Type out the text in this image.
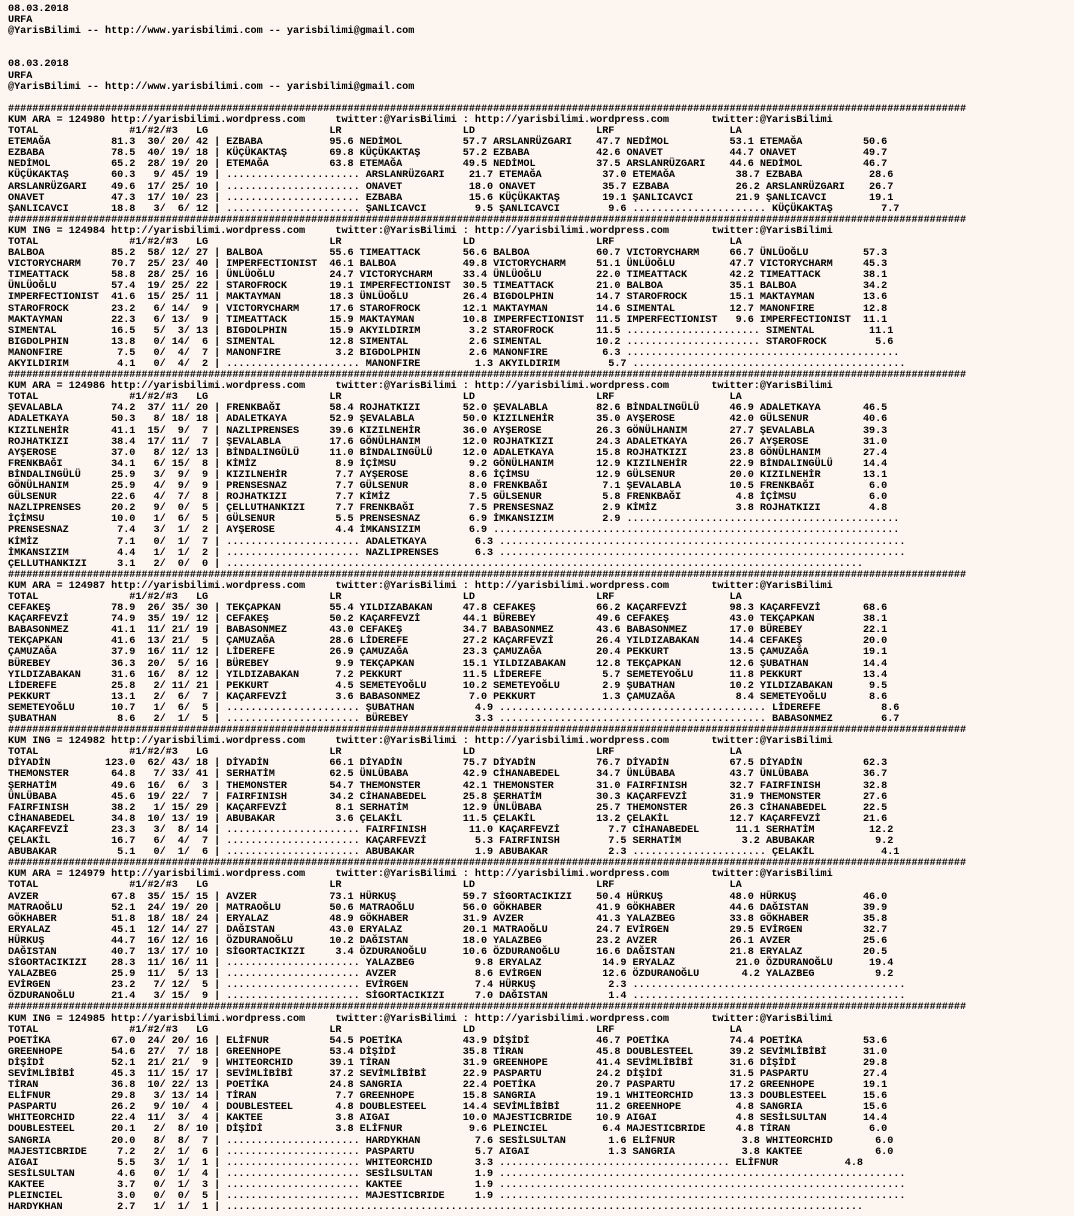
08.03.2018
URFA
@YarisBilimi -- http://www.yarisbilimi.com -- yarisbilimi@gmail.com

08.03.2018
URFA
@YarisBilimi -- http://www.yarisbilimi.com -- yarisbilimi@gmail.com

##############################################################################################################################################################
KUM ARA = 124980 http://yarisbilimi.wordpress.com     twitter:@YarisBilimi : http://yarisbilimi.wordpress.com       twitter:@YarisBilimi
TOTAL               #1/#2/#3   LG                    LR                    LD                    LRF                   LA
ETEMAĞA          81.3  30/ 20/ 42 | EZBABA           95.6 NEDİMOL          57.7 ARSLANRÜZGARI    47.7 NEDİMOL          53.1 ETEMAĞA          50.6
EZBABA           78.5  40/ 19/ 18 | KÜÇÜKAKTAŞ       69.8 KÜÇÜKAKTAŞ       57.2 EZBABA           42.6 ONAVET           44.7 ONAVET           49.7
NEDİMOL          65.2  28/ 19/ 20 | ETEMAĞA          63.8 ETEMAĞA          49.5 NEDİMOL          37.5 ARSLANRÜZGARI    44.6 NEDİMOL          46.7
KÜÇÜKAKTAŞ       60.3   9/ 45/ 19 | ...................... ARSLANRÜZGARI    21.7 ETEMAĞA          37.0 ETEMAĞA          38.7 EZBABA           28.6
ARSLANRÜZGARI    49.6  17/ 25/ 10 | ...................... ONAVET           18.0 ONAVET           35.7 EZBABA           26.2 ARSLANRÜZGARI    26.7
ONAVET           47.3  17/ 10/ 23 | ...................... EZBABA           15.6 KÜÇÜKAKTAŞ       19.1 ŞANLICAVCI       21.9 ŞANLICAVCI       19.1
ŞANLICAVCI       18.8   3/  6/ 12 | ...................... ŞANLICAVCI        9.5 ŞANLICAVCI        9.6 ...................... KÜÇÜKAKTAŞ        7.7
##############################################################################################################################################################
KUM ING = 124984 http://yarisbilimi.wordpress.com     twitter:@YarisBilimi : http://yarisbilimi.wordpress.com       twitter:@YarisBilimi
TOTAL               #1/#2/#3   LG                    LR                    LD                    LRF                   LA
BALBOA           85.2  58/ 12/ 27 | BALBOA           55.6 TIMEATTACK       56.6 BALBOA           60.7 VICTORYCHARM     66.7 ÜNLÜOĞLU         57.3
VICTORYCHARM     70.7  25/ 23/ 40 | IMPERFECTIONIST  46.1 BALBOA           49.8 VICTORYCHARM     51.1 ÜNLÜOĞLU         47.7 VICTORYCHARM     45.3
TIMEATTACK       58.8  28/ 25/ 16 | ÜNLÜOĞLU         24.7 VICTORYCHARM     33.4 ÜNLÜOĞLU         22.0 TIMEATTACK       42.2 TIMEATTACK       38.1
ÜNLÜOĞLU         57.4  19/ 25/ 22 | STAROFROCK       19.1 IMPERFECTIONIST  30.5 TIMEATTACK       21.0 BALBOA           35.1 BALBOA           34.2
IMPERFECTIONIST  41.6  15/ 25/ 11 | MAKTAYMAN        18.3 ÜNLÜOĞLU         26.4 BIGDOLPHIN       14.7 STAROFROCK       15.1 MAKTAYMAN        13.6
STAROFROCK       23.2   6/ 14/  9 | VICTORYCHARM     17.6 STAROFROCK       12.1 MAKTAYMAN        14.6 SIMENTAL         12.7 MANONFIRE        12.8
MAKTAYMAN        22.3   6/ 13/  9 | TIMEATTACK       15.9 MAKTAYMAN        10.8 IMPERFECTIONIST  11.5 IMPERFECTIONIST   9.6 IMPERFECTIONIST  11.1
SIMENTAL         16.5   5/  3/ 13 | BIGDOLPHIN       15.9 AKYILDIRIM        3.2 STAROFROCK       11.5 ...................... SIMENTAL         11.1
BIGDOLPHIN       13.8   0/ 14/  6 | SIMENTAL         12.8 SIMENTAL          2.6 SIMENTAL         10.2 ...................... STAROFROCK        5.6
MANONFIRE         7.5   0/  4/  7 | MANONFIRE         3.2 BIGDOLPHIN        2.6 MANONFIRE         6.3 .............................................
AKYILDIRIM        4.1   0/  4/  2 | ...................... MANONFIRE         1.3 AKYILDIRIM        5.7 .............................................
##############################################################################################################################################################
KUM ARA = 124986 http://yarisbilimi.wordpress.com     twitter:@YarisBilimi : http://yarisbilimi.wordpress.com       twitter:@YarisBilimi
TOTAL               #1/#2/#3   LG                    LR                    LD                    LRF                   LA
ŞEVALABLA        74.2  37/ 11/ 20 | FRENKBAĞI        58.4 ROJHATKIZI       52.0 ŞEVALABLA        82.6 BİNDALINGÜLÜ     46.9 ADALETKAYA       46.5
ADALETKAYA       50.3   8/ 18/ 18 | ADALETKAYA       52.9 ŞEVALABLA        50.0 KIZILNEHİR       35.0 AYŞEROSE         42.0 GÜLSENUR         40.6
KIZILNEHİR       41.1  15/  9/  7 | NAZLIPRENSES     39.6 KIZILNEHİR       36.0 AYŞEROSE         26.3 GÖNÜLHANIM       27.7 ŞEVALABLA        39.3
ROJHATKIZI       38.4  17/ 11/  7 | ŞEVALABLA        17.6 GÖNÜLHANIM       12.0 ROJHATKIZI       24.3 ADALETKAYA       26.7 AYŞEROSE         31.0
AYŞEROSE         37.0   8/ 12/ 13 | BİNDALINGÜLÜ     11.0 BİNDALINGÜLÜ     12.0 ADALETKAYA       15.8 ROJHATKIZI       23.8 GÖNÜLHANIM       27.4
FRENKBAĞI        34.1   6/ 15/  8 | KİMİZ             8.9 İÇİMSU            9.2 GÖNÜLHANIM       12.9 KIZILNEHİR       22.9 BİNDALINGÜLÜ     14.4
BİNDALINGÜLÜ     25.9   3/  9/  9 | KIZILNEHİR        7.7 AYŞEROSE          8.6 İÇİMSU           12.9 GÜLSENUR         20.0 KIZILNEHİR       13.1
GÖNÜLHANIM       25.9   4/  9/  9 | PRENSESNAZ        7.7 GÜLSENUR          8.0 FRENKBAĞI         7.1 ŞEVALABLA        10.5 FRENKBAĞI         6.0
GÜLSENUR         22.6   4/  7/  8 | ROJHATKIZI        7.7 KİMİZ             7.5 GÜLSENUR          5.8 FRENKBAĞI         4.8 İÇİMSU            6.0
NAZLIPRENSES     20.2   9/  0/  5 | ÇELLUTHANKIZI     7.7 FRENKBAĞI         7.5 PRENSESNAZ        2.9 KİMİZ             3.8 ROJHATKIZI        4.8
İÇİMSU           10.0   1/  6/  5 | GÜLSENUR          5.5 PRENSESNAZ        6.9 İMKANSIZIM        2.9 .............................................
PRENSESNAZ        7.4   3/  1/  2 | AYŞEROSE          4.4 İMKANSIZIM        6.9 ...................................................................
KİMİZ             7.1   0/  1/  7 | ...................... ADALETKAYA        6.3 ...................................................................
İMKANSIZIM        4.4   1/  1/  2 | ...................... NAZLIPRENSES      6.3 ...................................................................
ÇELLUTHANKIZI     3.1   2/  0/  0 | .........................................................................................................
##############################################################################################################################################################
KUM ARA = 124987 http://yarisbilimi.wordpress.com     twitter:@YarisBilimi : http://yarisbilimi.wordpress.com       twitter:@YarisBilimi
TOTAL               #1/#2/#3   LG                    LR                    LD                    LRF                   LA
CEFAKEŞ          78.9  26/ 35/ 30 | TEKÇAPKAN        55.4 YILDIZABAKAN     47.8 CEFAKEŞ          66.2 KAÇARFEVZİ       98.3 KAÇARFEVZİ       68.6
KAÇARFEVZİ       74.9  35/ 19/ 12 | CEFAKEŞ          50.2 KAÇARFEVZİ       44.1 BÜREBEY          49.6 CEFAKEŞ          43.0 TEKÇAPKAN        38.1
BABASONMEZ       41.1  11/ 21/ 19 | BABASONMEZ       43.0 CEFAKEŞ          34.7 BABASONMEZ       43.6 BABASONMEZ       17.0 BÜREBEY          22.1
TEKÇAPKAN        41.6  13/ 21/  5 | ÇAMUZAĞA         28.6 LİDEREFE         27.2 KAÇARFEVZİ       26.4 YILDIZABAKAN     14.4 CEFAKEŞ          20.0
ÇAMUZAĞA         37.9  16/ 11/ 12 | LİDEREFE         26.9 ÇAMUZAĞA         23.3 ÇAMUZAĞA         20.4 PEKKURT          13.5 ÇAMUZAĞA         19.1
BÜREBEY          36.3  20/  5/ 16 | BÜREBEY           9.9 TEKÇAPKAN        15.1 YILDIZABAKAN     12.8 TEKÇAPKAN        12.6 ŞUBATHAN         14.4
YILDIZABAKAN     31.6  16/  8/ 12 | YILDIZABAKAN      7.2 PEKKURT          11.5 LİDEREFE          5.7 SEMETEYOĞLU      11.8 PEKKURT          13.4
LİDEREFE         25.8   2/ 11/ 21 | PEKKURT           4.5 SEMETEYOĞLU      10.2 SEMETEYOĞLU       2.9 ŞUBATHAN         10.2 YILDIZABAKAN      9.5
PEKKURT          13.1   2/  6/  7 | KAÇARFEVZİ        3.6 BABASONMEZ        7.0 PEKKURT           1.3 ÇAMUZAĞA          8.4 SEMETEYOĞLU       8.6
SEMETEYOĞLU      10.7   1/  6/  5 | ...................... ŞUBATHAN          4.9 ............................................ LİDEREFE          8.6
ŞUBATHAN          8.6   2/  1/  5 | ...................... BÜREBEY           3.3 ............................................ BABASONMEZ        6.7
##############################################################################################################################################################
KUM ING = 124982 http://yarisbilimi.wordpress.com     twitter:@YarisBilimi : http://yarisbilimi.wordpress.com       twitter:@YarisBilimi
TOTAL               #1/#2/#3   LG                    LR                    LD                    LRF                   LA
DİYADİN         123.0  62/ 43/ 18 | DİYADİN          66.1 DİYADİN          75.7 DİYADİN          76.7 DİYADİN          67.5 DİYADİN          62.3
THEMONSTER       64.8   7/ 33/ 41 | SERHATİM         62.5 ÜNLÜBABA         42.9 CİHANABEDEL      34.7 ÜNLÜBABA         43.7 ÜNLÜBABA         36.7
ŞERHATİM         49.6  16/  6/  3 | THEMONSTER       54.7 THEMONSTER       42.1 THEMONSTER       31.0 FAIRFINISH       32.7 FAIRFINISH       32.8
ÜNLÜBABA         45.6  19/ 22/  7 | FAIRFINISH       34.2 CİHANABEDEL      25.8 ŞERHATİM         30.3 KAÇARFEVZİ       31.9 THEMONSTER       27.6
FAIRFINISH       38.2   1/ 15/ 29 | KAÇARFEVZİ        8.1 SERHATİM         12.9 ÜNLÜBABA         25.7 THEMONSTER       26.3 CİHANABEDEL      22.5
CİHANABEDEL      34.8  10/ 13/ 19 | ABUBAKAR          3.6 ÇELAKİL          11.5 ÇELAKİL          13.2 ÇELAKİL          12.7 KAÇARFEVZİ       21.6
KAÇARFEVZİ       23.3   3/  8/ 14 | ...................... FAIRFINISH       11.0 KAÇARFEVZİ        7.7 CİHANABEDEL      11.1 SERHATİM         12.2
ÇELAKİL          16.7   6/  4/  7 | ...................... KAÇARFEVZİ        5.3 FAIRFINISH        7.5 SERHATİM          3.2 ABUBAKAR          9.2
ABUBAKAR          5.1   0/  1/  6 | ...................... ABUBAKAR          1.9 ABUBAKAR          2.3 ...................... ÇELAKİL           4.1
##############################################################################################################################################################
KUM ARA = 124979 http://yarisbilimi.wordpress.com     twitter:@YarisBilimi : http://yarisbilimi.wordpress.com       twitter:@YarisBilimi
TOTAL               #1/#2/#3   LG                    LR                    LD                    LRF                   LA
AVZER            67.8  35/ 15/ 15 | AVZER            73.1 HÜRKUŞ           59.7 SİGORTACIKIZI    50.4 HÜRKUŞ           48.0 HÜRKUŞ           46.0
MATRAOĞLU        52.1  24/ 19/ 20 | MATRAOĞLU        50.6 MATRAOĞLU        56.0 GÖKHABER         41.9 GÖKHABER         44.6 DAĞISTAN         39.9
GÖKHABER         51.8  18/ 18/ 24 | ERYALAZ          48.9 GÖKHABER         31.9 AVZER            41.3 YALAZBEG         33.8 GÖKHABER         35.8
ERYALAZ          45.1  12/ 14/ 27 | DAĞISTAN         43.0 ERYALAZ          20.1 MATRAOĞLU        24.7 EVİRGEN          29.5 EVİRGEN          32.7
HÜRKUŞ           44.7  16/ 12/ 16 | ÖZDURANOĞLU      10.2 DAĞISTAN         18.0 YALAZBEG         23.2 AVZER            26.1 AVZER            25.6
DAĞISTAN         40.7  13/ 17/ 10 | SİGORTACIKIZI     3.4 ÖZDURANOĞLU      10.6 ÖZDURANOĞLU      16.6 DAĞISTAN         21.8 ERYALAZ          20.5
SİGORTACIKIZI    28.3  11/ 16/ 11 | ...................... YALAZBEG          9.8 ERYALAZ          14.9 ERYALAZ          21.0 ÖZDURANOĞLU      19.4
YALAZBEG         25.9  11/  5/ 13 | ...................... AVZER             8.6 EVİRGEN          12.6 ÖZDURANOĞLU       4.2 YALAZBEG          9.2
EVİRGEN          23.2   7/ 12/  5 | ...................... EVİRGEN           7.4 HÜRKUŞ            2.3 .............................................
ÖZDURANOĞLU      21.4   3/ 15/  9 | ...................... SİGORTACIKIZI     7.0 DAĞISTAN          1.4 .............................................
##############################################################################################################################################################
KUM ING = 124985 http://yarisbilimi.wordpress.com     twitter:@YarisBilimi : http://yarisbilimi.wordpress.com       twitter:@YarisBilimi
TOTAL               #1/#2/#3   LG                    LR                    LD                    LRF                   LA
POETİKA          67.0  24/ 20/ 16 | ELİFNUR          54.5 POETİKA          43.9 DİŞİDİ           46.7 POETİKA          74.4 POETİKA          53.6
GREENHOPE        54.6  27/  7/ 18 | GREENHOPE        53.4 DİŞİDİ           35.8 TİRAN            45.8 DOUBLESTEEL      39.2 SEVİMLİBİBİ      31.0
DİŞİDİ           52.1  21/ 21/  9 | WHITEORCHID      39.1 TİRAN            31.9 GREENHOPE        41.4 SEVİMLİBİBİ      31.6 DİŞİDİ           29.8
SEVİMLİBİBİ      45.3  11/ 15/ 17 | SEVİMLİBİBİ      37.2 SEVİMLİBİBİ      22.9 PASPARTU         24.2 DİŞİDİ           31.5 PASPARTU         27.4
TİRAN            36.8  10/ 22/ 13 | POETİKA          24.8 SANGRIA          22.4 POETİKA          20.7 PASPARTU         17.2 GREENHOPE        19.1
ELİFNUR          29.8   3/ 13/ 14 | TİRAN             7.7 GREENHOPE        15.8 SANGRIA          19.1 WHITEORCHID      13.3 DOUBLESTEEL      15.6
PASPARTU         26.2   9/ 10/  4 | DOUBLESTEEL       4.8 DOUBLESTEEL      14.4 SEVİMLİBİBİ      11.2 GREENHOPE         4.8 SANGRIA          15.6
WHITEORCHID      22.4  11/  3/  4 | KAKTEE            3.8 AIGAI            10.0 MAJESTICBRIDE    10.9 AIGAI             4.8 SESİLSULTAN      14.4
DOUBLESTEEL      20.1   2/  8/ 10 | DİŞİDİ            3.8 ELİFNUR           9.6 PLEINCIEL         6.4 MAJESTICBRIDE     4.8 TİRAN             6.0
SANGRIA          20.0   8/  8/  7 | ...................... HARDYKHAN         7.6 SESİLSULTAN       1.6 ELİFNUR           3.8 WHITEORCHID       6.0
MAJESTICBRIDE     7.2   2/  1/  6 | ...................... PASPARTU          5.7 AIGAI             1.3 SANGRIA           3.8 KAKTEE            6.0
AIGAI             5.5   3/  1/  1 | ...................... WHITEORCHID       3.3 ...................................... ELİFNUR           4.8
SESİLSULTAN       4.6   0/  1/  4 | ...................... SESİLSULTAN       1.9 ...................................................................
KAKTEE            3.7   0/  1/  3 | ...................... KAKTEE            1.9 ...................................................................
PLEINCIEL         3.0   0/  0/  5 | ...................... MAJESTICBRIDE     1.9 ...................................................................
HARDYKHAN         2.7   1/  1/  1 | .........................................................................................................
